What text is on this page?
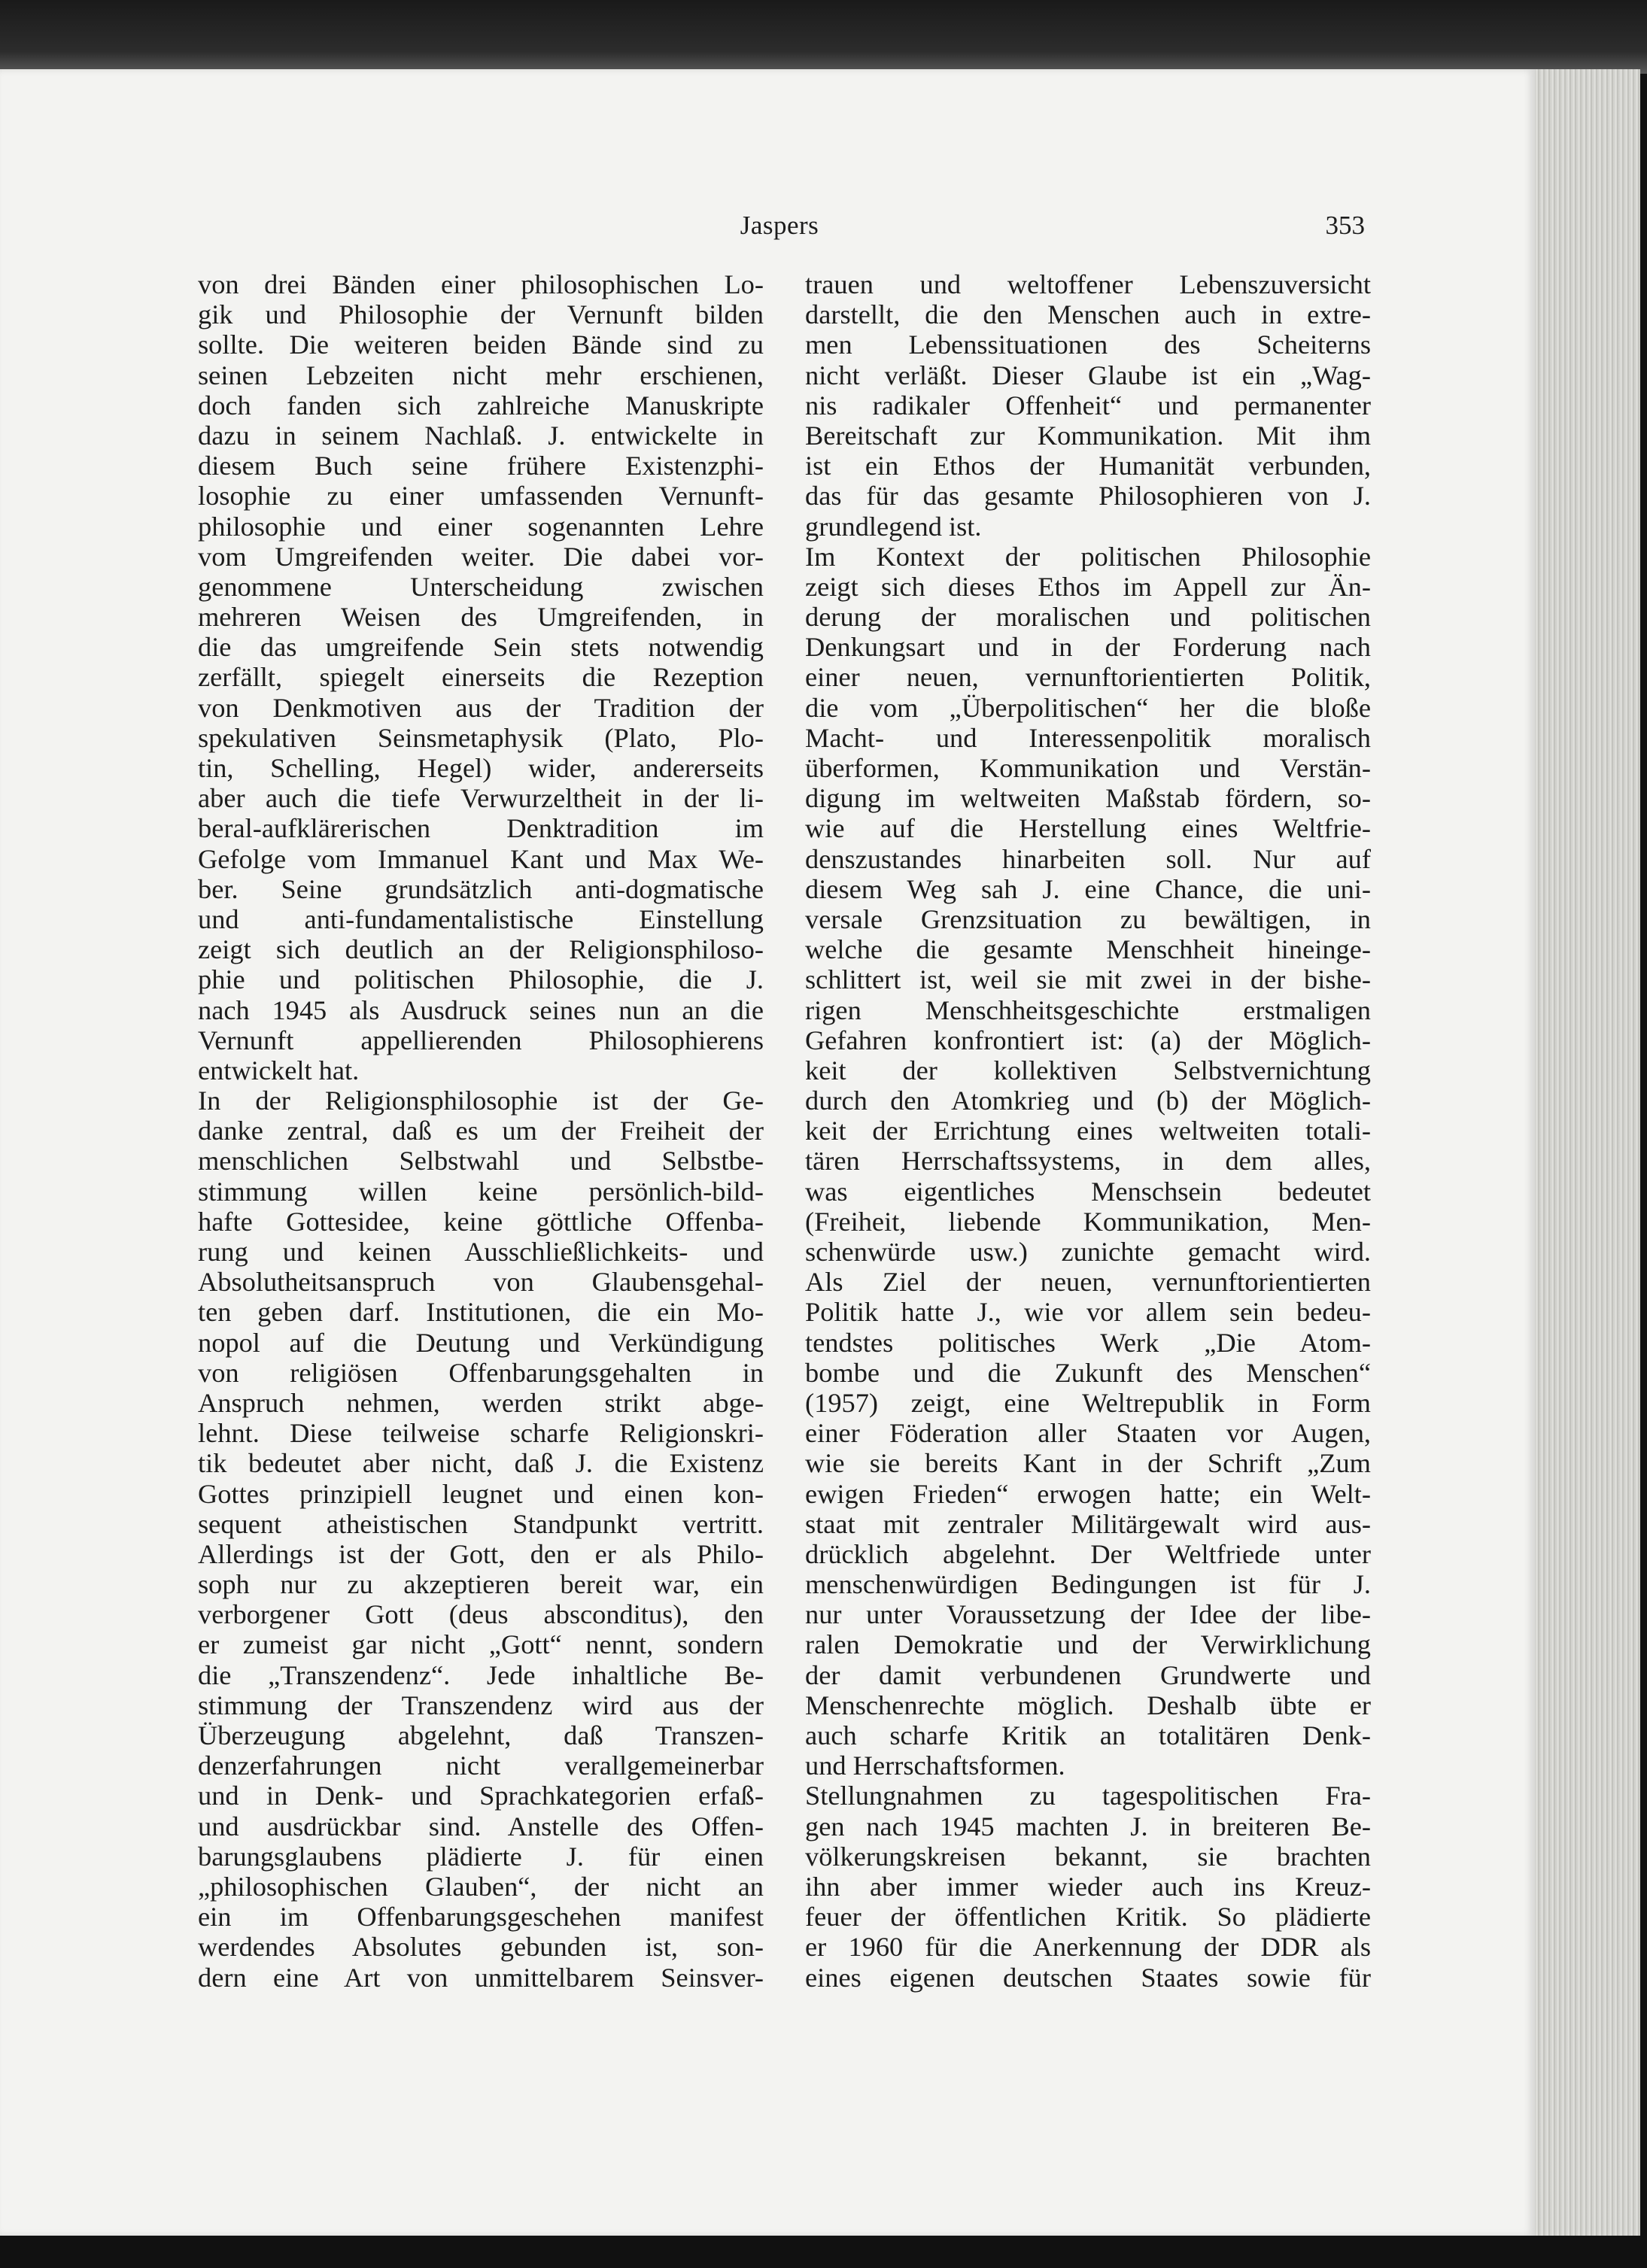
Jaspers	353
von drei Bänden einer philosophischen Lo-
gik und Philosophie der Vernunft bilden
sollte. Die weiteren beiden Bände sind zu
seinen Lebzeiten nicht mehr erschienen,
doch fanden sich zahlreiche Manuskripte
dazu in seinem Nachlaß. J. entwickelte in
diesem Buch seine frühere Existenzphi-
losophie zu einer umfassenden Vernunft-
philosophie und einer sogenannten Lehre
vom Umgreifenden weiter. Die dabei vor-
genommene Unterscheidung zwischen
mehreren Weisen des Umgreifenden, in
die das umgreifende Sein stets notwendig
zerfällt, spiegelt einerseits die Rezeption
von Denkmotiven aus der Tradition der
spekulativen Seinsmetaphysik (Plato, Plo-
tin, Schelling, Hegel) wider, andererseits
aber auch die tiefe Verwurzeltheit in der li-
beral-aufklärerischen Denktradition im
Gefolge vom Immanuel Kant und Max We-
ber. Seine grundsätzlich anti-dogmatische
und anti-fundamentalistische Einstellung
zeigt sich deutlich an der Religionsphiloso-
phie und politischen Philosophie, die J.
nach 1945 als Ausdruck seines nun an die
Vernunft appellierenden Philosophierens
entwickelt hat.
In der Religionsphilosophie ist der Ge-
danke zentral, daß es um der Freiheit der
menschlichen Selbstwahl und Selbstbe-
stimmung willen keine persönlich-bild-
hafte Gottesidee, keine göttliche Offenba-
rung und keinen Ausschließlichkeits- und
Absolutheitsanspruch von Glaubensgehal-
ten geben darf. Institutionen, die ein Mo-
nopol auf die Deutung und Verkündigung
von religiösen Offenbarungsgehalten in
Anspruch nehmen, werden strikt abge-
lehnt. Diese teilweise scharfe Religionskri-
tik bedeutet aber nicht, daß J. die Existenz
Gottes prinzipiell leugnet und einen kon-
sequent atheistischen Standpunkt vertritt.
Allerdings ist der Gott, den er als Philo-
soph nur zu akzeptieren bereit war, ein
verborgener Gott (deus absconditus), den
er zumeist gar nicht „Gott“ nennt, sondern
die „Transzendenz“. Jede inhaltliche Be-
stimmung der Transzendenz wird aus der
Überzeugung abgelehnt, daß Transzen-
denzerfahrungen nicht verallgemeinerbar
und in Denk- und Sprachkategorien erfaß-
und ausdrückbar sind. Anstelle des Offen-
barungsglaubens plädierte J. für einen
„philosophischen Glauben“, der nicht an
ein im Offenbarungsgeschehen manifest
werdendes Absolutes gebunden ist, son-
dern eine Art von unmittelbarem Seinsver-
trauen und weltoffener Lebenszuversicht
darstellt, die den Menschen auch in extre-
men Lebenssituationen des Scheiterns
nicht verläßt. Dieser Glaube ist ein „Wag-
nis radikaler Offenheit“ und permanenter
Bereitschaft zur Kommunikation. Mit ihm
ist ein Ethos der Humanität verbunden,
das für das gesamte Philosophieren von J.
grundlegend ist.
Im Kontext der politischen Philosophie
zeigt sich dieses Ethos im Appell zur Än-
derung der moralischen und politischen
Denkungsart und in der Forderung nach
einer neuen, vernunftorientierten Politik,
die vom „Überpolitischen“ her die bloße
Macht- und Interessenpolitik moralisch
überformen, Kommunikation und Verstän-
digung im weltweiten Maßstab fördern, so-
wie auf die Herstellung eines Weltfrie-
denszustandes hinarbeiten soll. Nur auf
diesem Weg sah J. eine Chance, die uni-
versale Grenzsituation zu bewältigen, in
welche die gesamte Menschheit hineinge-
schlittert ist, weil sie mit zwei in der bishe-
rigen Menschheitsgeschichte erstmaligen
Gefahren konfrontiert ist: (a) der Möglich-
keit der kollektiven Selbstvernichtung
durch den Atomkrieg und (b) der Möglich-
keit der Errichtung eines weltweiten totali-
tären Herrschaftssystems, in dem alles,
was eigentliches Menschsein bedeutet
(Freiheit, liebende Kommunikation, Men-
schenwürde usw.) zunichte gemacht wird.
Als Ziel der neuen, vernunftorientierten
Politik hatte J., wie vor allem sein bedeu-
tendstes politisches Werk „Die Atom-
bombe und die Zukunft des Menschen“
(1957) zeigt, eine Weltrepublik in Form
einer Föderation aller Staaten vor Augen,
wie sie bereits Kant in der Schrift „Zum
ewigen Frieden“ erwogen hatte; ein Welt-
staat mit zentraler Militärgewalt wird aus-
drücklich abgelehnt. Der Weltfriede unter
menschenwürdigen Bedingungen ist für J.
nur unter Voraussetzung der Idee der libe-
ralen Demokratie und der Verwirklichung
der damit verbundenen Grundwerte und
Menschenrechte möglich. Deshalb übte er
auch scharfe Kritik an totalitären Denk-
und Herrschaftsformen.
Stellungnahmen zu tagespolitischen Fra-
gen nach 1945 machten J. in breiteren Be-
völkerungskreisen bekannt, sie brachten
ihn aber immer wieder auch ins Kreuz-
feuer der öffentlichen Kritik. So plädierte
er 1960 für die Anerkennung der DDR als
eines eigenen deutschen Staates sowie für
